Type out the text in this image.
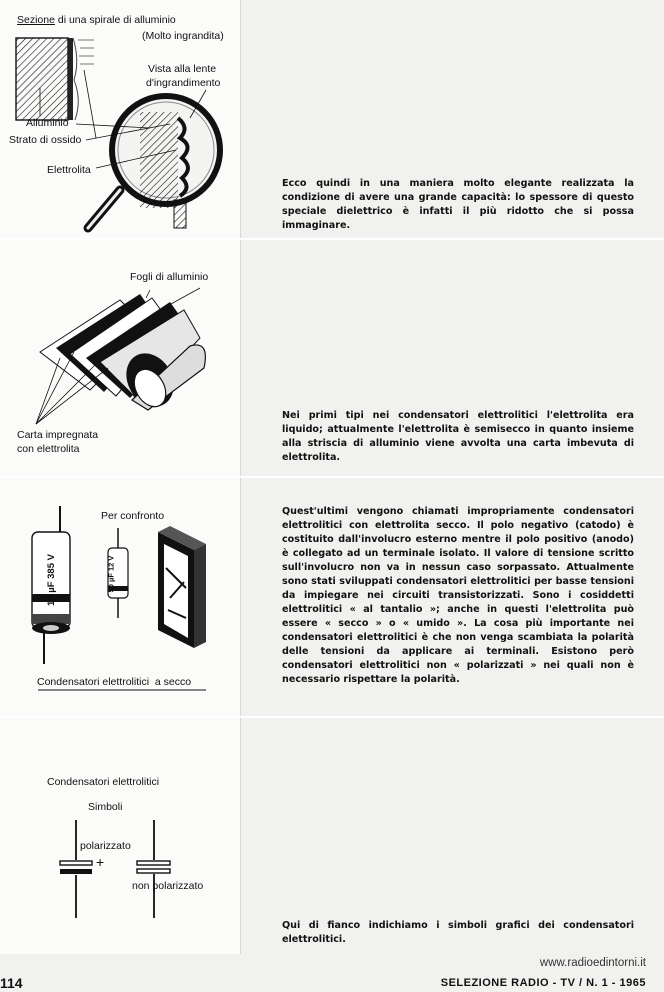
Sezione di una spirale di alluminio
(Molto ingrandita)
Vista alla lente
d'ingrandimento
Alluminio
Strato di ossido
Elettrolita
Ecco quindi in una maniera molto elegante realizzata la condizione di avere una grande capacità: lo spessore di questo speciale dielettrico è infatti il più ridotto che si possa immaginare.
Fogli di alluminio
Carta impregnata
con elettrolita
Nei primi tipi nei condensatori elettrolitici l'elettrolita era liquido; attualmente l'elettrolita è semisecco in quanto insieme alla striscia di alluminio viene avvolta una carta imbevuta di elettrolita.
Per confronto
16 µF 385 V	50 µF 12 V
Condensatori elettrolitici  a secco
Quest'ultimi vengono chiamati impropriamente condensatori elettrolitici con elettrolita secco. Il polo negativo (catodo) è costituito dall'involucro esterno mentre il polo positivo (anodo) è collegato ad un terminale isolato. Il valore di tensione scritto sull'involucro non va in nessun caso sorpassato. Attualmente sono stati sviluppati condensatori elettrolitici per basse tensioni da impiegare nei circuiti transistorizzati. Sono i cosiddetti elettrolitici « al tantalio »; anche in questi l'elettrolita può essere « secco » o « umido ». La cosa più importante nei condensatori elettrolitici è che non venga scambiata la polarità delle tensioni da applicare ai terminali. Esistono però condensatori elettrolitici non « polarizzati » nei quali non è necessario rispettare la polarità.
Condensatori elettrolitici
Simboli
polarizzato
+
non polarizzato
Qui di fianco indichiamo i simboli grafici dei condensatori elettrolitici.
www.radioedintorni.it
114	SELEZIONE RADIO - TV / N. 1 - 1965
